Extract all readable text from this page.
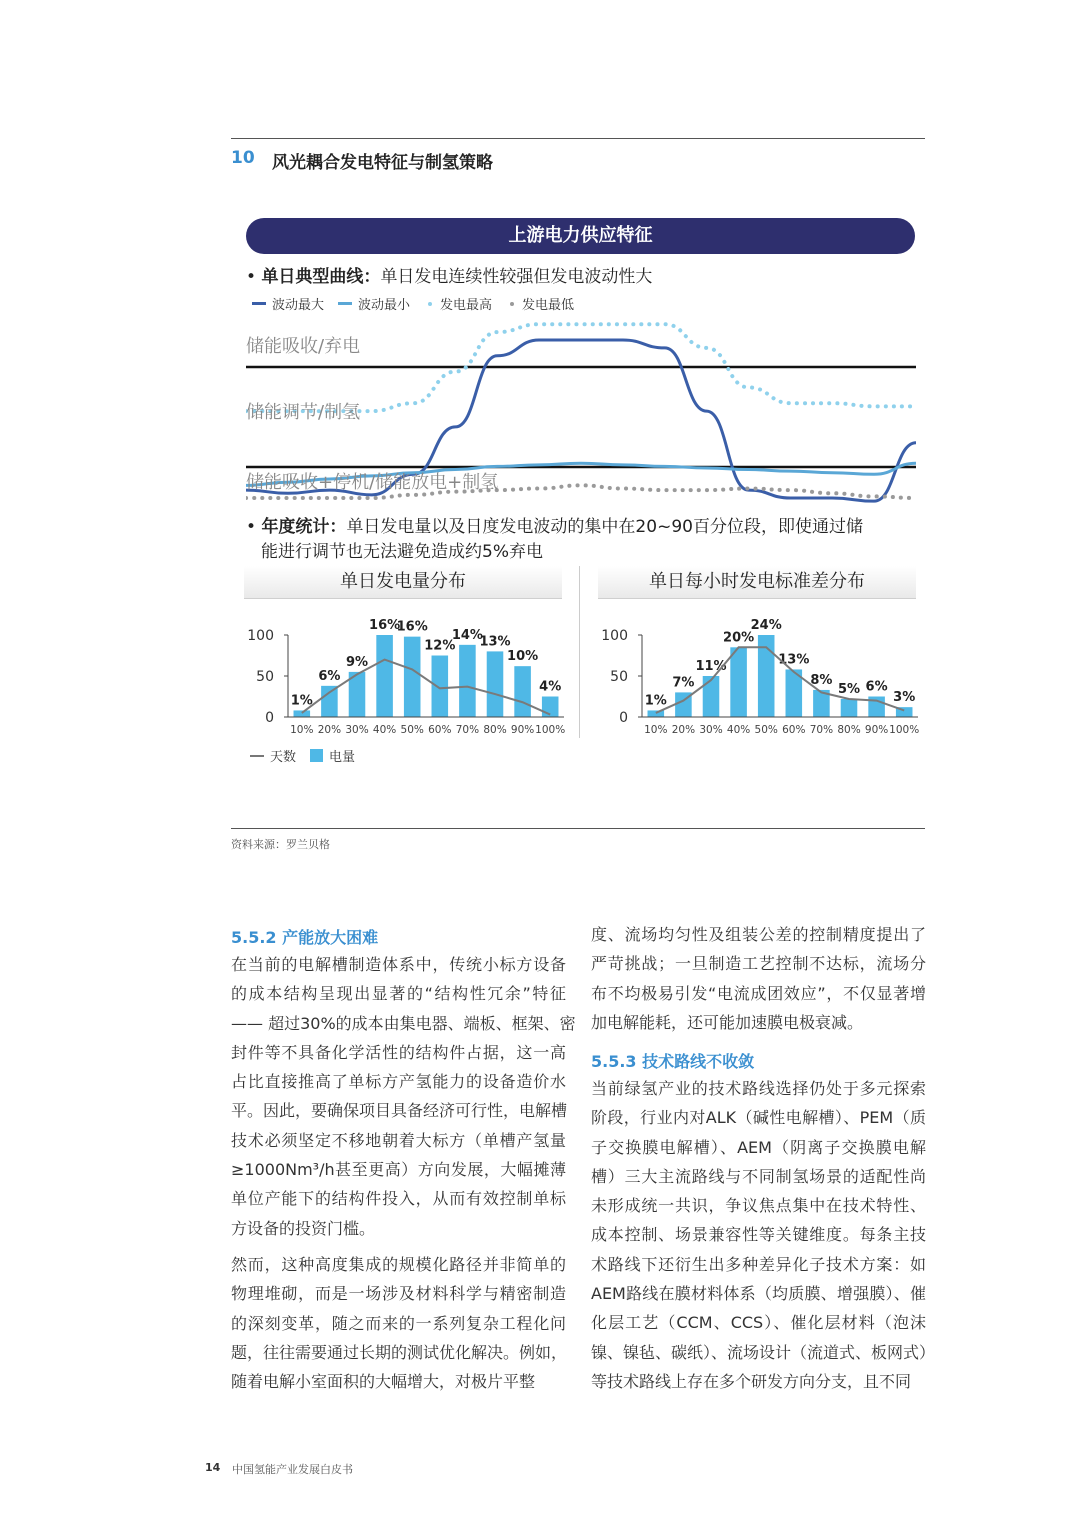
10 风光耦合发电特征与制氢策略
上游电力供应特征
• 单日典型曲线：单日发电连续性较强但发电波动性大
波动最大	波动最小 发电最高 发电最低
储能吸收/弃电
储能调节/制氢
储能吸收+停机/储能放电+制氢
• 年度统计：单日发电量以及日度发电波动的集中在20~90百分位段，即使通过储
能进行调节也无法避免造成约5%弃电
单日发电量分布	单日每小时发电标准差分布
100
50
0
1%
10%
6%
20%
9%
30%
16%
40%
16%
50%
12%
60%
14%
70%
13%
80%
10%
90%
4%
100%
100
50
0
1%
10%
7%
20%
11%
30%
20%
40%
24%
50%
13%
60%
8%
70%
5%
80%
6%
90%
3%
100%
天数	电量
资料来源：罗兰贝格
5.5.2 产能放大困难
在当前的电解槽制造体系中，传统小标方设备
的成本结构呈现出显著的“结构性冗余”特征
—— 超过30%的成本由集电器、端板、框架、密
封件等不具备化学活性的结构件占据，这一高
占比直接推高了单标方产氢能力的设备造价水
平。因此，要确保项目具备经济可行性，电解槽
技术必须坚定不移地朝着大标方（单槽产氢量
≥1000Nm³/h甚至更高）方向发展，大幅摊薄
单位产能下的结构件投入，从而有效控制单标
方设备的投资门槛。
然而，这种高度集成的规模化路径并非简单的
物理堆砌，而是一场涉及材料科学与精密制造
的深刻变革，随之而来的一系列复杂工程化问
题，往往需要通过长期的测试优化解决。例如，
随着电解小室面积的大幅增大，对极片平整
度、流场均匀性及组装公差的控制精度提出了
严苛挑战；一旦制造工艺控制不达标，流场分
布不均极易引发“电流成团效应”，不仅显著增
加电解能耗，还可能加速膜电极衰减。
5.5.3 技术路线不收敛
当前绿氢产业的技术路线选择仍处于多元探索
阶段，行业内对ALK（碱性电解槽）、PEM（质
子交换膜电解槽）、AEM（阴离子交换膜电解
槽）三大主流路线与不同制氢场景的适配性尚
未形成统一共识，争议焦点集中在技术特性、
成本控制、场景兼容性等关键维度。每条主技
术路线下还衍生出多种差异化子技术方案：如
AEM路线在膜材料体系（均质膜、增强膜）、催
化层工艺（CCM、CCS）、催化层材料（泡沫
镍、镍毡、碳纸）、流场设计（流道式、板网式）
等技术路线上存在多个研发方向分支，且不同
14 中国氢能产业发展白皮书
